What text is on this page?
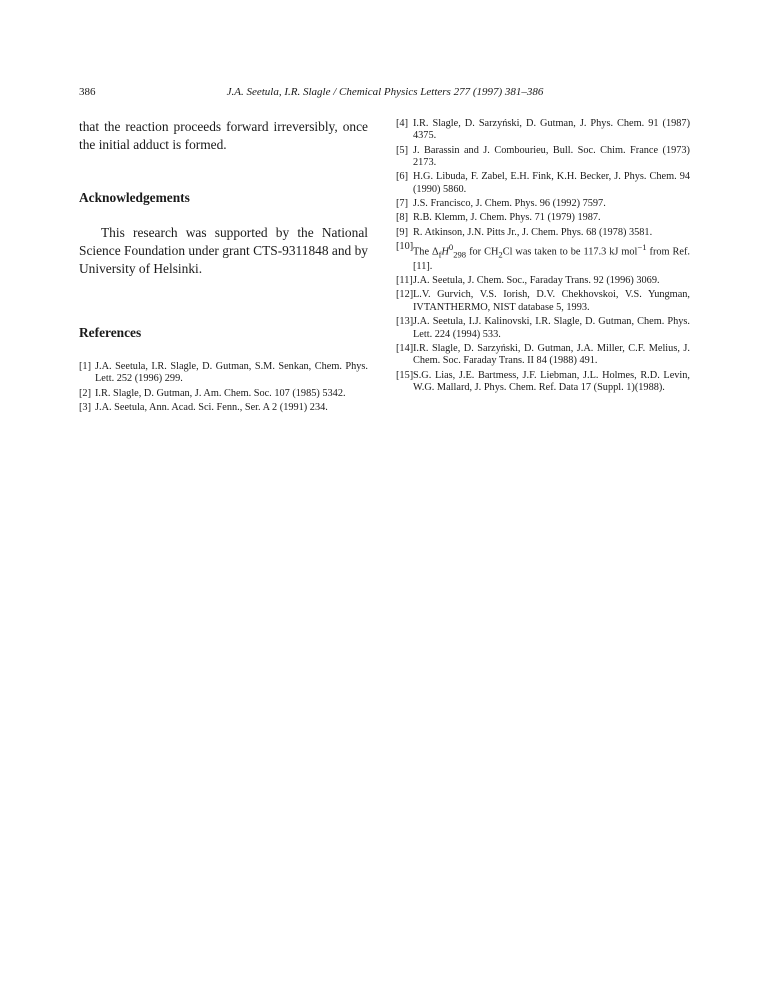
386	J.A. Seetula, I.R. Slagle / Chemical Physics Letters 277 (1997) 381–386

that the reaction proceeds forward irreversibly, once the initial adduct is formed.

Acknowledgements

This research was supported by the National Science Foundation under grant CTS-9311848 and by University of Helsinki.

References
[1] J.A. Seetula, I.R. Slagle, D. Gutman, S.M. Senkan, Chem. Phys. Lett. 252 (1996) 299.
[2] I.R. Slagle, D. Gutman, J. Am. Chem. Soc. 107 (1985) 5342.
[3] J.A. Seetula, Ann. Acad. Sci. Fenn., Ser. A 2 (1991) 234.
[4] I.R. Slagle, D. Sarzyński, D. Gutman, J. Phys. Chem. 91 (1987) 4375.
[5] J. Barassin and J. Combourieu, Bull. Soc. Chim. France (1973) 2173.
[6] H.G. Libuda, F. Zabel, E.H. Fink, K.H. Becker, J. Phys. Chem. 94 (1990) 5860.
[7] J.S. Francisco, J. Chem. Phys. 96 (1992) 7597.
[8] R.B. Klemm, J. Chem. Phys. 71 (1979) 1987.
[9] R. Atkinson, J.N. Pitts Jr., J. Chem. Phys. 68 (1978) 3581.
[10] The $\Delta_fH^0_{298}$ for $CH_2Cl$ was taken to be 117.3 kJ mol$^{-1}$ from Ref. [11].
[11] J.A. Seetula, J. Chem. Soc., Faraday Trans. 92 (1996) 3069.
[12] L.V. Gurvich, V.S. Iorish, D.V. Chekhovskoi, V.S. Yungman, IVTANTHERMO, NIST database 5, 1993.
[13] J.A. Seetula, I.J. Kalinovski, I.R. Slagle, D. Gutman, Chem. Phys. Lett. 224 (1994) 533.
[14] I.R. Slagle, D. Sarzyński, D. Gutman, J.A. Miller, C.F. Melius, J. Chem. Soc. Faraday Trans. II 84 (1988) 491.
[15] S.G. Lias, J.E. Bartmess, J.F. Liebman, J.L. Holmes, R.D. Levin, W.G. Mallard, J. Phys. Chem. Ref. Data 17 (Suppl. 1)(1988).
